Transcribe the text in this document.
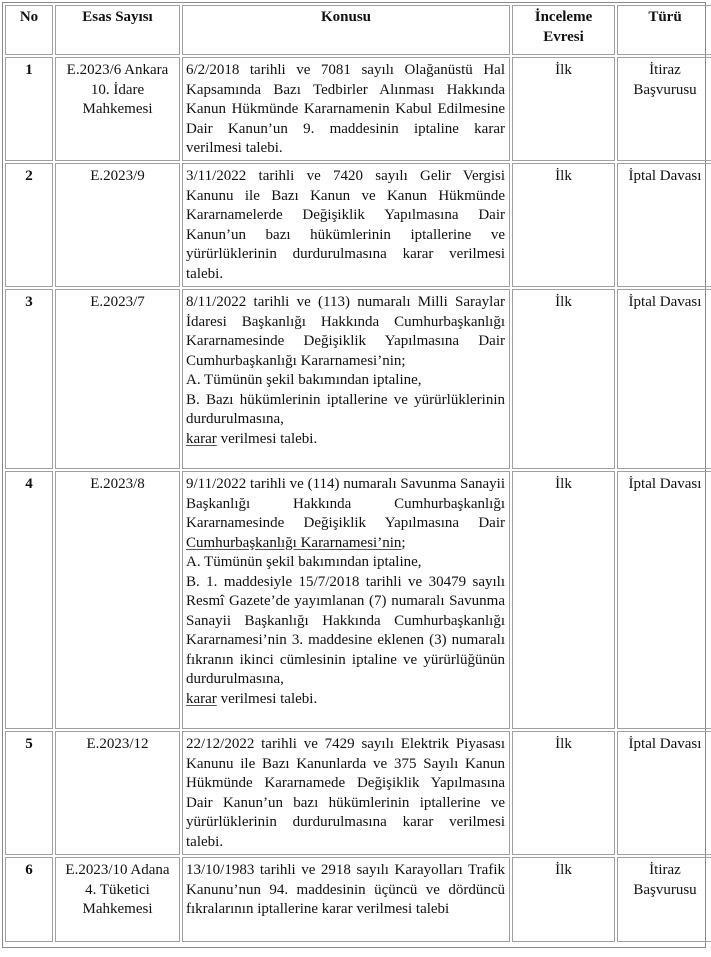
No	Esas Sayısı	Konusu	İnceleme Evresi	Türü
1	E.2023/6 Ankara 10. İdare Mahkemesi	6/2/2018 tarihli ve 7081 sayılı Olağanüstü Hal Kapsamında Bazı Tedbirler Alınması Hakkında Kanun Hükmünde Kararnamenin Kabul Edilmesine Dair Kanun’un 9. maddesinin iptaline karar verilmesi talebi.	İlk	İtiraz Başvurusu
2	E.2023/9	3/11/2022 tarihli ve 7420 sayılı Gelir Vergisi Kanunu ile Bazı Kanun ve Kanun Hükmünde Kararnamelerde Değişiklik Yapılmasına Dair Kanun’un bazı hükümlerinin iptallerine ve yürürlüklerinin durdurulmasına karar verilmesi talebi.	İlk	İptal Davası
3	E.2023/7	8/11/2022 tarihli ve (113) numaralı Milli Saraylar İdaresi Başkanlığı Hakkında Cumhurbaşkanlığı Kararnamesinde Değişiklik Yapılmasına Dair Cumhurbaşkanlığı Kararnamesi’nin;
A. Tümünün şekil bakımından iptaline,
B. Bazı hükümlerinin iptallerine ve yürürlüklerinin durdurulmasına,
karar verilmesi talebi.	İlk	İptal Davası
4	E.2023/8	9/11/2022 tarihli ve (114) numaralı Savunma Sanayii Başkanlığı Hakkında Cumhurbaşkanlığı Kararnamesinde Değişiklik Yapılmasına Dair Cumhurbaşkanlığı Kararnamesi’nin;
A. Tümünün şekil bakımından iptaline,
B. 1. maddesiyle 15/7/2018 tarihli ve 30479 sayılı Resmî Gazete’de yayımlanan (7) numaralı Savunma Sanayii Başkanlığı Hakkında Cumhurbaşkanlığı Kararnamesi’nin 3. maddesine eklenen (3) numaralı fıkranın ikinci cümlesinin iptaline ve yürürlüğünün durdurulmasına,
karar verilmesi talebi.	İlk	İptal Davası
5	E.2023/12	22/12/2022 tarihli ve 7429 sayılı Elektrik Piyasası Kanunu ile Bazı Kanunlarda ve 375 Sayılı Kanun Hükmünde Kararnamede Değişiklik Yapılmasına Dair Kanun’un bazı hükümlerinin iptallerine ve yürürlüklerinin durdurulmasına karar verilmesi talebi.	İlk	İptal Davası
6	E.2023/10 Adana 4. Tüketici Mahkemesi	13/10/1983 tarihli ve 2918 sayılı Karayolları Trafik Kanunu’nun 94. maddesinin üçüncü ve dördüncü fıkralarının iptallerine karar verilmesi talebi	İlk	İtiraz Başvurusu
